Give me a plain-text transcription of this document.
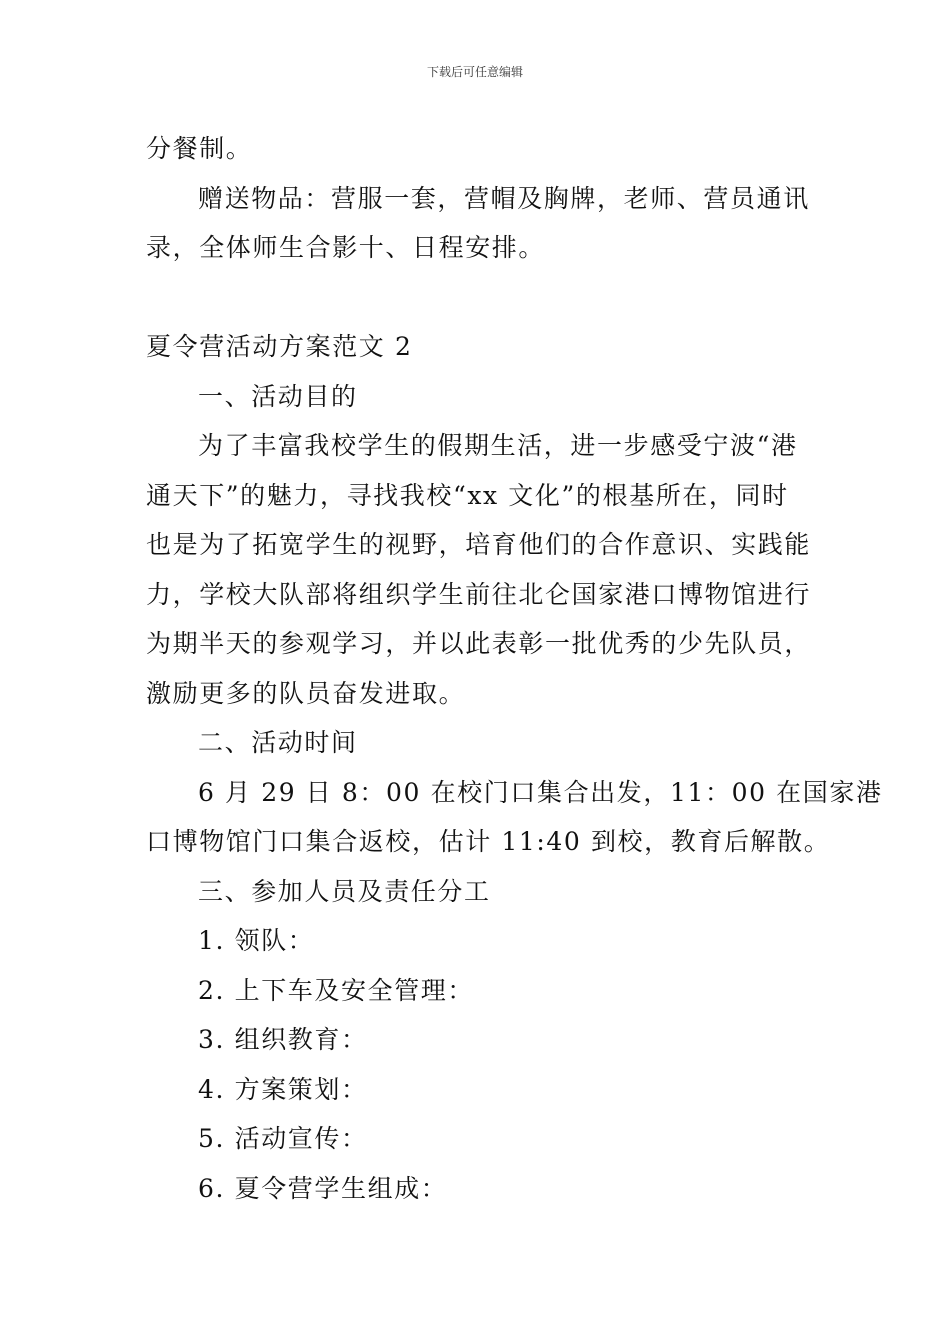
下载后可任意编辑
分餐制。
赠送物品：营服一套，营帽及胸牌，老师、营员通讯
录，全体师生合影十、日程安排。
夏令营活动方案范文 2
一、活动目的
为了丰富我校学生的假期生活，进一步感受宁波“港
通天下”的魅力，寻找我校“xx 文化”的根基所在，同时
也是为了拓宽学生的视野，培育他们的合作意识、实践能
力，学校大队部将组织学生前往北仑国家港口博物馆进行
为期半天的参观学习，并以此表彰一批优秀的少先队员，
激励更多的队员奋发进取。
二、活动时间
6 月 29 日 8：00 在校门口集合出发，11：00 在国家港
口博物馆门口集合返校，估计 11:40 到校，教育后解散。
三、参加人员及责任分工
1. 领队：
2. 上下车及安全管理：
3. 组织教育：
4. 方案策划：
5. 活动宣传：
6. 夏令营学生组成：
